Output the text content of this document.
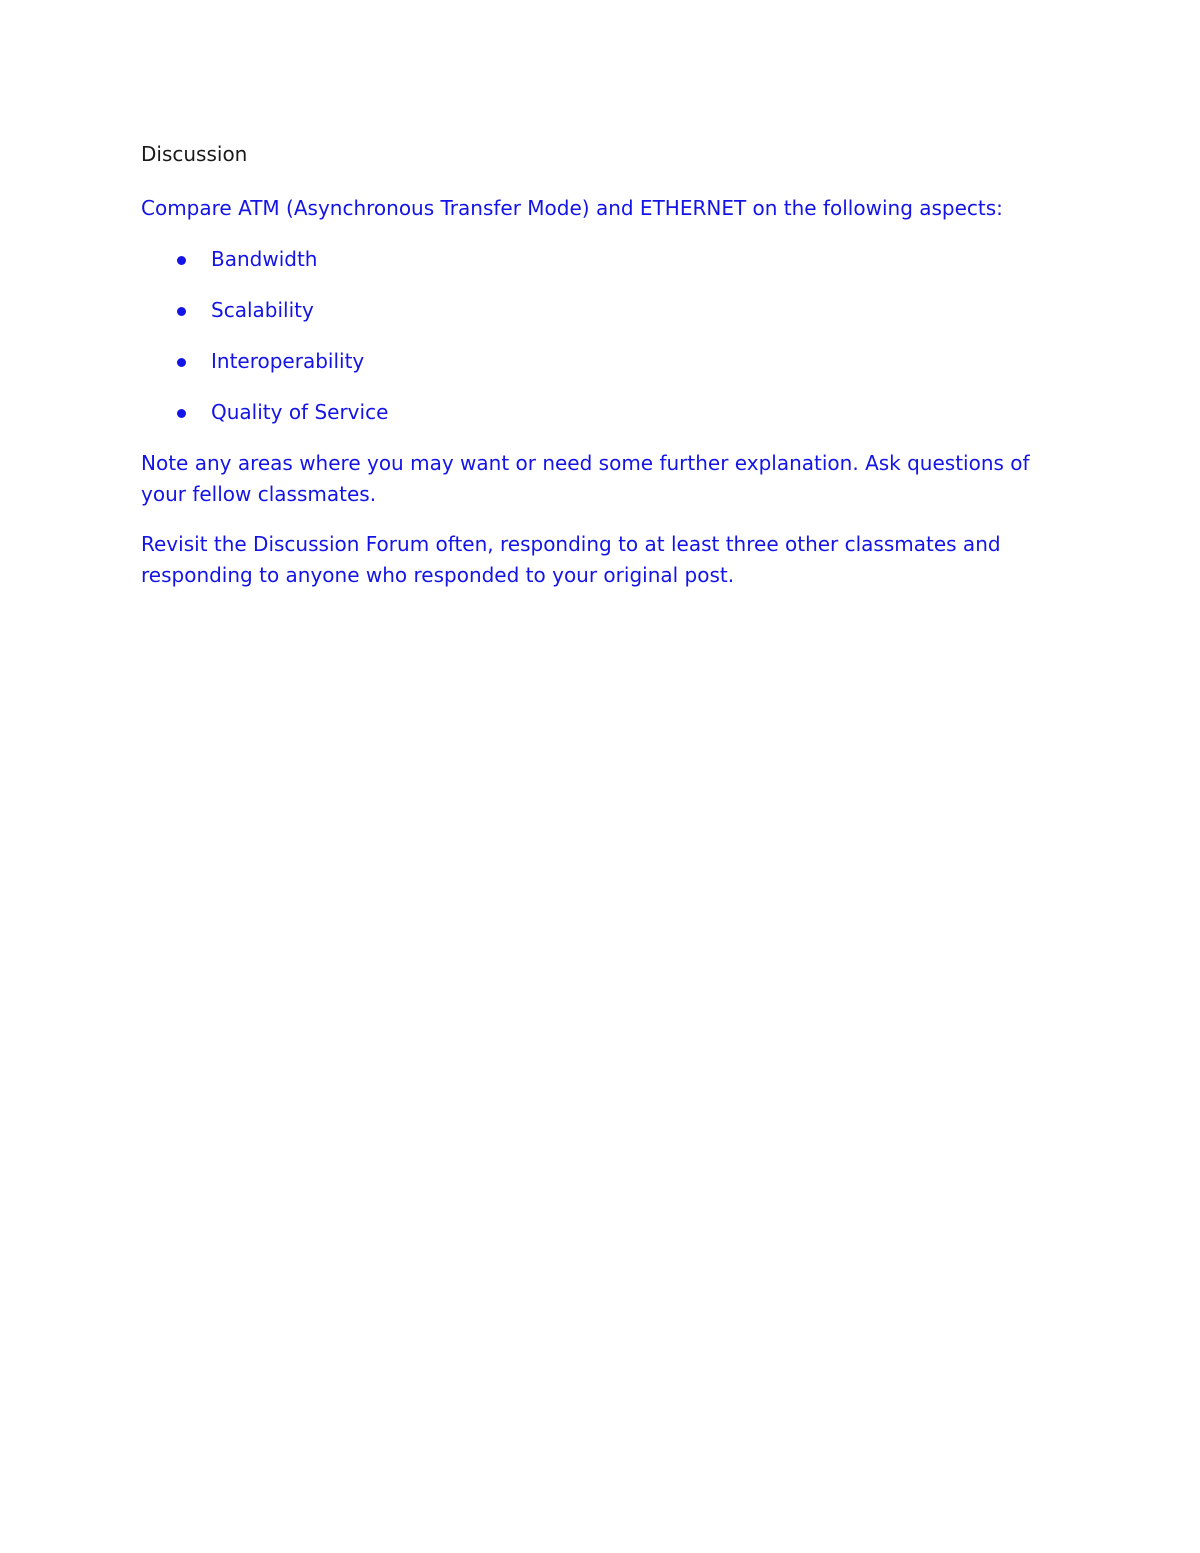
Discussion
Compare ATM (Asynchronous Transfer Mode) and ETHERNET on the following aspects:
Bandwidth
Scalability
Interoperability
Quality of Service
Note any areas where you may want or need some further explanation. Ask questions of your fellow classmates.
Revisit the Discussion Forum often, responding to at least three other classmates and responding to anyone who responded to your original post.
